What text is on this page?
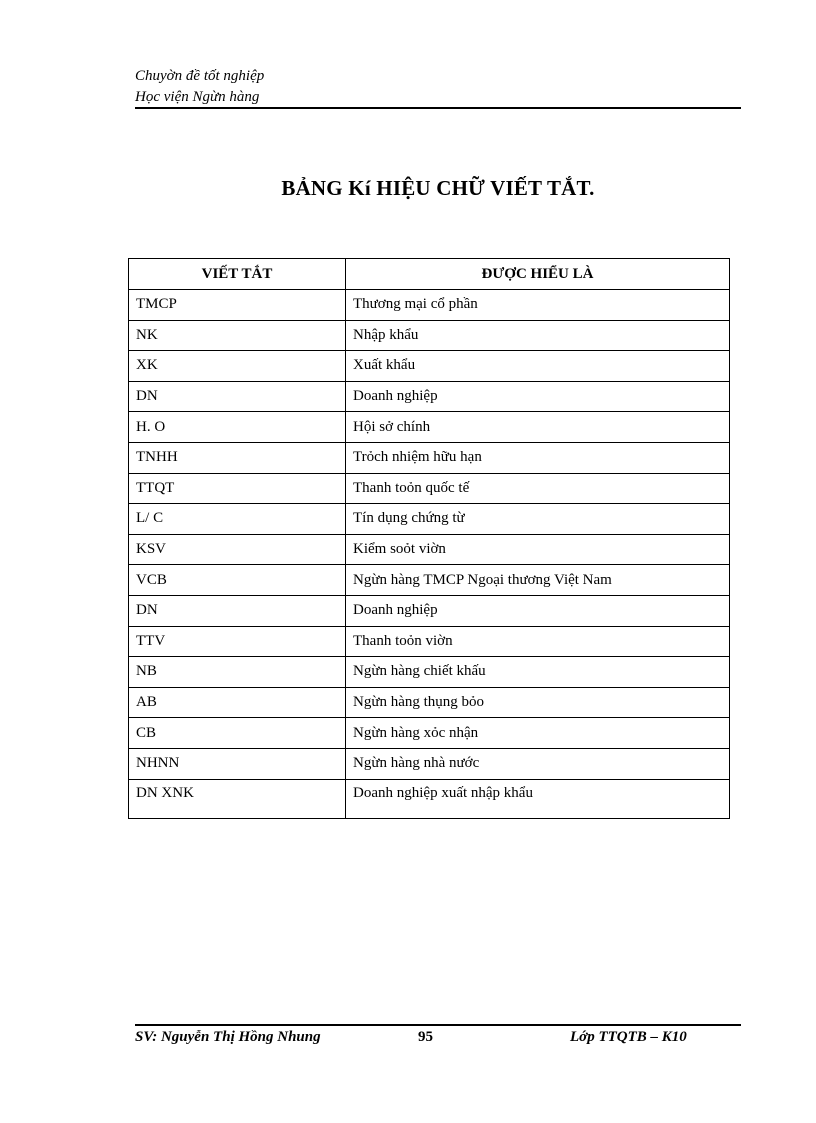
Chuyờn đề tốt nghiệp
Học viện Ngừn hàng
BẢNG Kí HIỆU CHỮ VIẾT TẮT.
VIẾT TẮT	ĐƯỢC HIỂU LÀ
TMCP	Thương mại cổ phần
NK	Nhập khẩu
XK	Xuất khẩu
DN	Doanh nghiệp
H. O	Hội sở chính
TNHH	Trỏch nhiệm hữu hạn
TTQT	Thanh toỏn quốc tế
L/ C	Tín dụng chứng từ
KSV	Kiểm soỏt viờn
VCB	Ngừn hàng TMCP Ngoại thương Việt Nam
DN	Doanh nghiệp
TTV	Thanh toỏn viờn
NB	Ngừn hàng chiết khấu
AB	Ngừn hàng thụng bỏo
CB	Ngừn hàng xỏc nhận
NHNN	Ngừn hàng nhà nước
DN XNK	Doanh nghiệp xuất nhập khẩu
SV: Nguyễn Thị Hồng Nhung	95	Lớp TTQTB – K10
